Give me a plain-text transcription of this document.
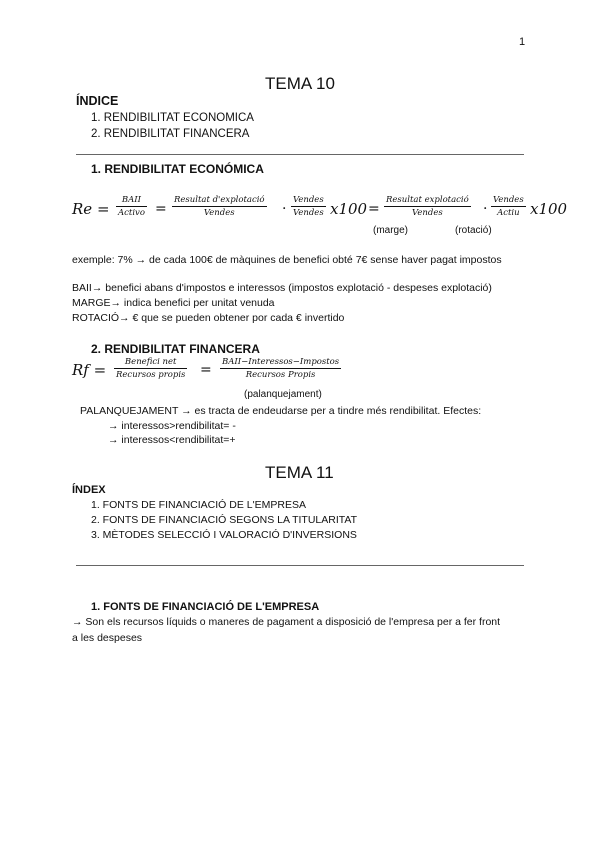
1
TEMA 10
ÍNDICE
1. RENDIBILITAT ECONOMICA
2. RENDIBILITAT FINANCERA
1. RENDIBILITAT ECONÓMICA
Re =	BAII
Activo =
Resultat d'explotació
Vendes	·
Vendes
Vendes x100 =
Resultat explotació
Vendes	·
Vendes
Actiu x100
(marge)	(rotació)
exemple: 7% → de cada 100€ de màquines de benefici obté 7€ sense haver pagat impostos
BAII→ benefici abans d'impostos e interessos (impostos explotació - despeses explotació)
MARGE→ indica benefici per unitat venuda
ROTACIÓ→ € que se pueden obtener por cada € invertido
2. RENDIBILITAT FINANCERA
Rf =	Benefici net
Recursos propis = BAII−Interessos−Impostos
Recursos Propis
(palanquejament)
PALANQUEJAMENT → es tracta de endeudarse per a tindre més rendibilitat. Efectes:
→ interessos>rendibilitat= -
→ interessos<rendibilitat=+
TEMA 11
ÍNDEX
1. FONTS DE FINANCIACIÓ DE L'EMPRESA
2. FONTS DE FINANCIACIÓ SEGONS LA TITULARITAT
3. MÈTODES SELECCIÓ I VALORACIÓ D'INVERSIONS
1. FONTS DE FINANCIACIÓ DE L'EMPRESA
→ Son els recursos líquids o maneres de pagament a disposició de l'empresa per a fer front
a les despeses
